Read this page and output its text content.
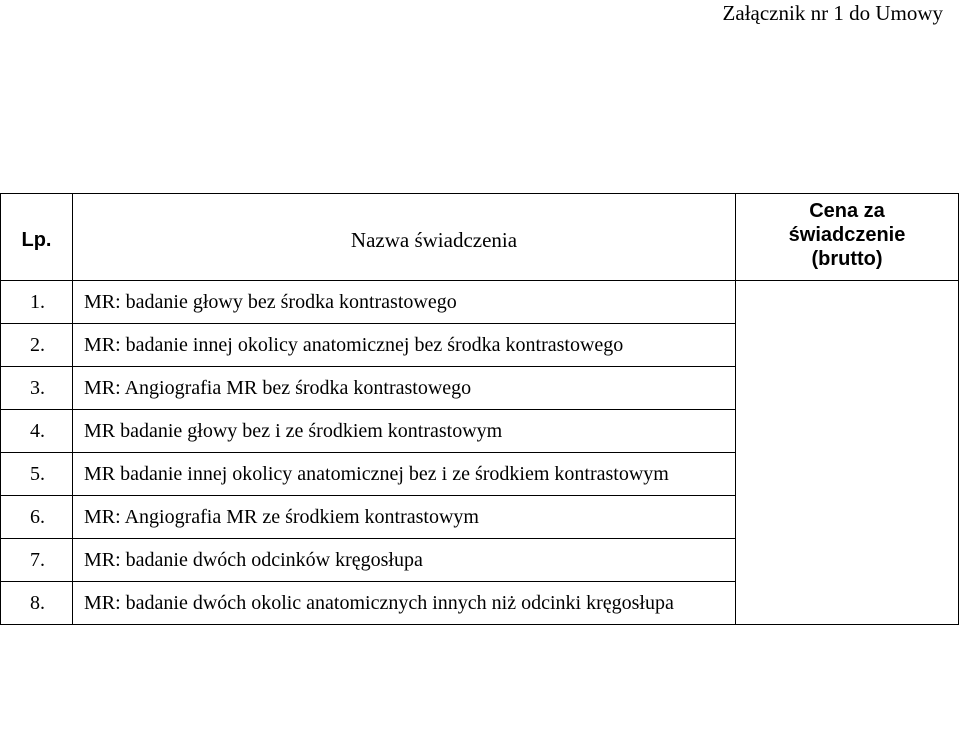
Załącznik nr 1 do Umowy
Lp.	Nazwa świadczenia	Cena za
świadczenie
(brutto)

1.	MR: badanie głowy bez środka kontrastowego	
2.	MR: badanie innej okolicy anatomicznej bez środka kontrastowego	
3.	MR: Angiografia MR bez środka kontrastowego	
4.	MR badanie głowy bez i ze środkiem kontrastowym	
5.	MR badanie innej okolicy anatomicznej bez i ze środkiem kontrastowym	
6.	MR: Angiografia MR ze środkiem kontrastowym	
7.	MR: badanie dwóch odcinków kręgosłupa	
8.	MR: badanie dwóch okolic anatomicznych innych niż odcinki kręgosłupa	
